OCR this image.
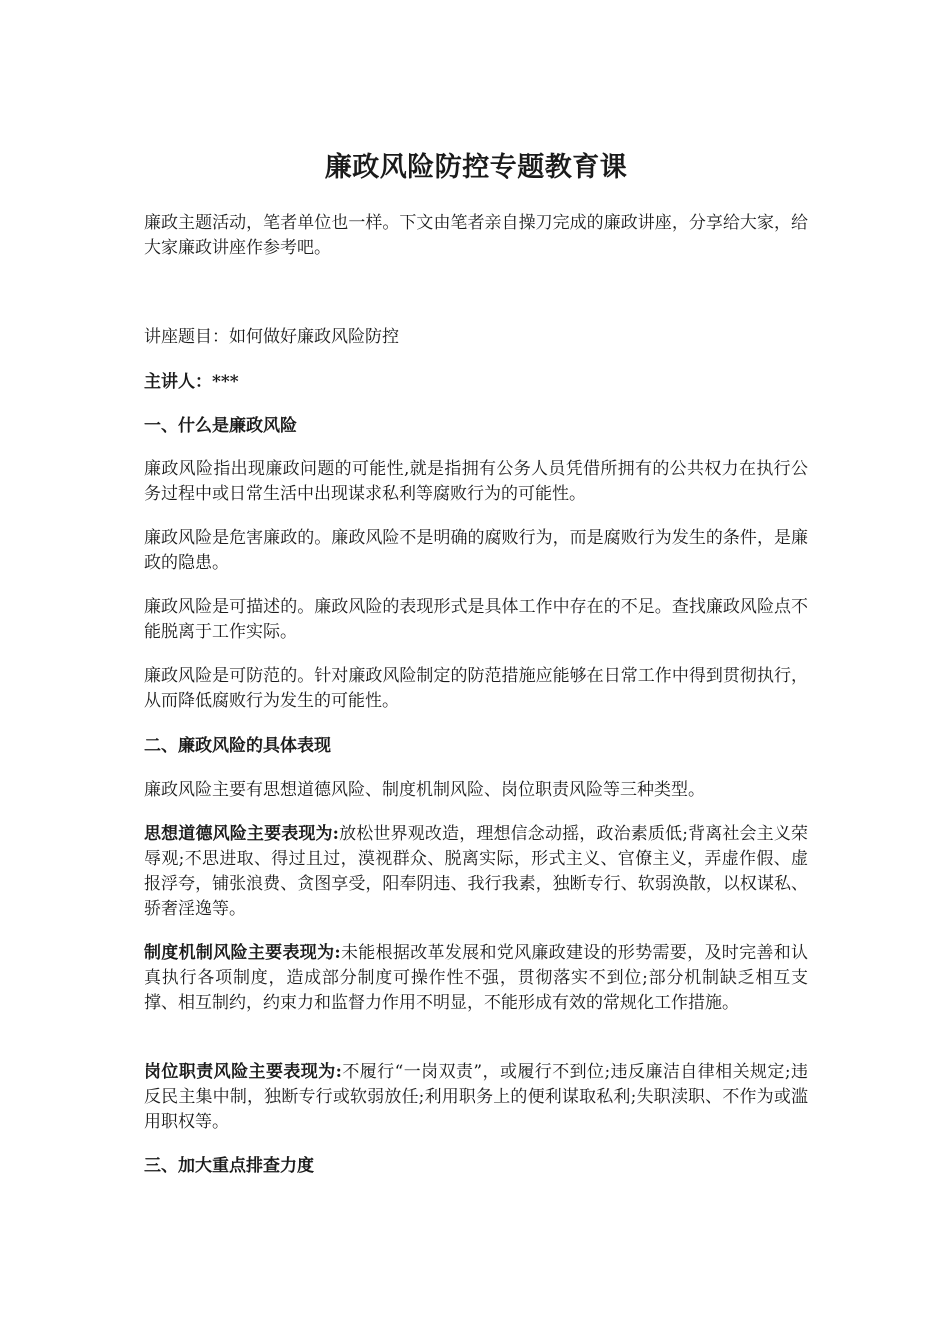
廉政风险防控专题教育课

廉政主题活动，笔者单位也一样。下文由笔者亲自操刀完成的廉政讲座，分享给大家，给大家廉政讲座作参考吧。

讲座题目：如何做好廉政风险防控

主讲人：***

一、什么是廉政风险

廉政风险指出现廉政问题的可能性,就是指拥有公务人员凭借所拥有的公共权力在执行公务过程中或日常生活中出现谋求私利等腐败行为的可能性。

廉政风险是危害廉政的。廉政风险不是明确的腐败行为，而是腐败行为发生的条件，是廉政的隐患。

廉政风险是可描述的。廉政风险的表现形式是具体工作中存在的不足。查找廉政风险点不能脱离于工作实际。

廉政风险是可防范的。针对廉政风险制定的防范措施应能够在日常工作中得到贯彻执行，从而降低腐败行为发生的可能性。

二、廉政风险的具体表现

廉政风险主要有思想道德风险、制度机制风险、岗位职责风险等三种类型。

思想道德风险主要表现为:放松世界观改造，理想信念动摇，政治素质低;背离社会主义荣辱观;不思进取、得过且过，漠视群众、脱离实际，形式主义、官僚主义，弄虚作假、虚报浮夸，铺张浪费、贪图享受，阳奉阴违、我行我素，独断专行、软弱涣散，以权谋私、骄奢淫逸等。

制度机制风险主要表现为:未能根据改革发展和党风廉政建设的形势需要，及时完善和认真执行各项制度，造成部分制度可操作性不强，贯彻落实不到位;部分机制缺乏相互支撑、相互制约，约束力和监督力作用不明显，不能形成有效的常规化工作措施。

岗位职责风险主要表现为:不履行“一岗双责”，或履行不到位;违反廉洁自律相关规定;违反民主集中制，独断专行或软弱放任;利用职务上的便利谋取私利;失职渎职、不作为或滥用职权等。

三、加大重点排查力度
